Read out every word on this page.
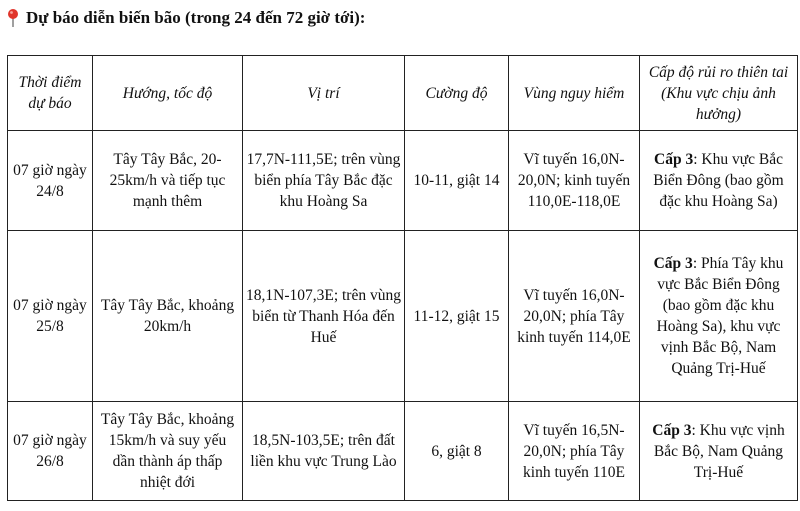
Dự báo diễn biến bão (trong 24 đến 72 giờ tới):
Thời điểm dự báo	Hướng, tốc độ	Vị trí	Cường độ	Vùng nguy hiểm	Cấp độ rủi ro thiên tai (Khu vực chịu ảnh hưởng)
07 giờ ngày 24/8	Tây Tây Bắc, 20-25km/h và tiếp tục mạnh thêm	17,7N-111,5E; trên vùng biển phía Tây Bắc đặc khu Hoàng Sa	10-11, giật 14	Vĩ tuyến 16,0N-20,0N; kinh tuyến 110,0E-118,0E	Cấp 3: Khu vực Bắc Biển Đông (bao gồm đặc khu Hoàng Sa)
07 giờ ngày 25/8	Tây Tây Bắc, khoảng 20km/h	18,1N-107,3E; trên vùng biển từ Thanh Hóa đến Huế	11-12, giật 15	Vĩ tuyến 16,0N-20,0N; phía Tây kinh tuyến 114,0E	Cấp 3: Phía Tây khu vực Bắc Biển Đông (bao gồm đặc khu Hoàng Sa), khu vực vịnh Bắc Bộ, Nam Quảng Trị-Huế
07 giờ ngày 26/8	Tây Tây Bắc, khoảng 15km/h và suy yếu dần thành áp thấp nhiệt đới	18,5N-103,5E; trên đất liền khu vực Trung Lào	6, giật 8	Vĩ tuyến 16,5N-20,0N; phía Tây kinh tuyến 110E	Cấp 3: Khu vực vịnh Bắc Bộ, Nam Quảng Trị-Huế
